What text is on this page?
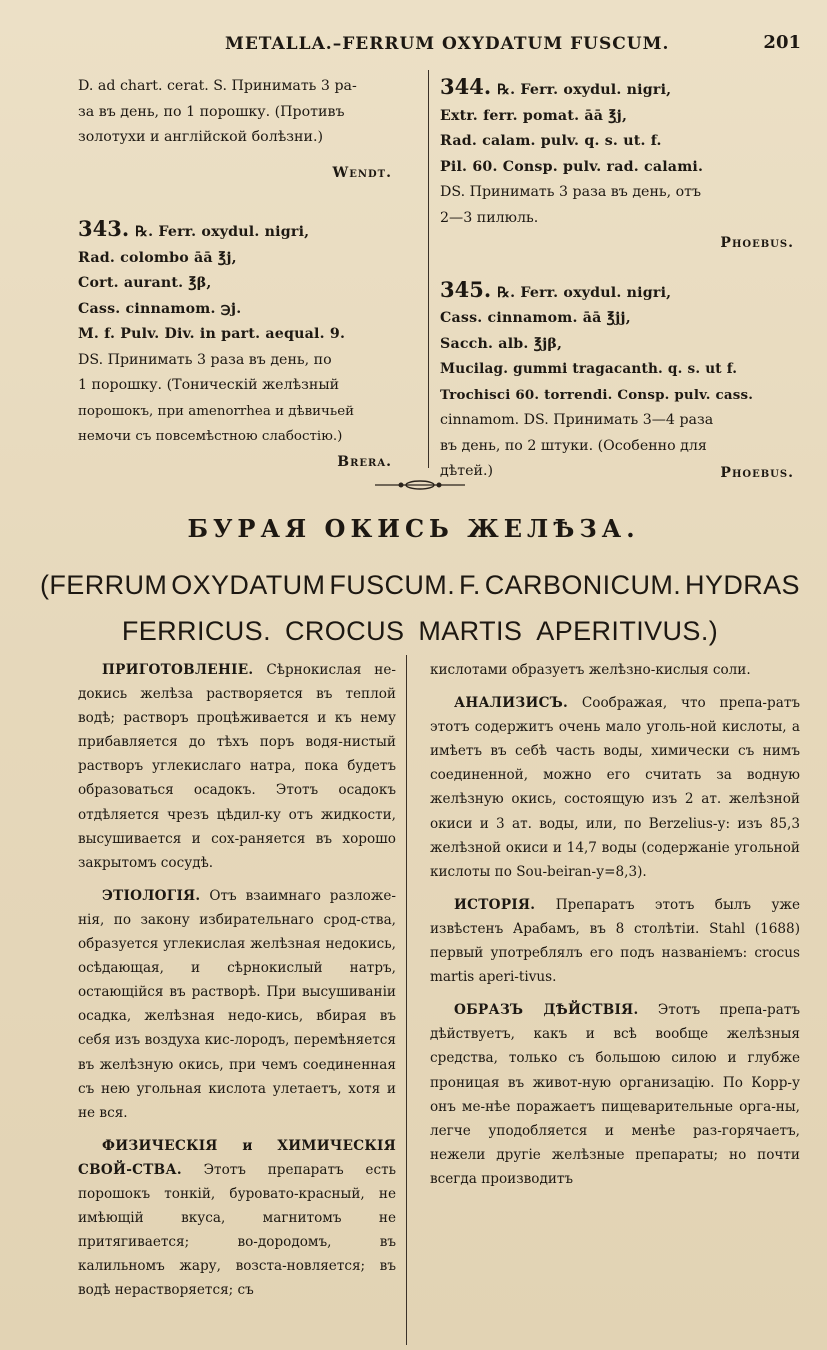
METALLA.–FERRUM OXYDATUM FUSCUM.	201
D. ad chart. cerat. S. Принимать 3 ра-
за въ день, по 1 порошку. (Противъ
золотухи и англійской болѣзни.)
Wendt.
343. ℞. Ferr. oxydul. nigri,
Rad. colombo āā ℥j,
Cort. aurant. ℥β,
Cass. cinnamom. ℈j.
M. f. Pulv. Div. in part. aequal. 9.
DS. Принимать 3 раза въ день, по
1 порошку. (Тоническій желѣзный
порошокъ, при amenorrhea и дѣвичьей
немочи съ повсемѣстною слабостію.)
Brera.
344. ℞. Ferr. oxydul. nigri,
Extr. ferr. pomat. āā ℥j,
Rad. calam. pulv. q. s. ut. f.
Pil. 60. Consp. pulv. rad. calami.
DS. Принимать 3 раза въ день, отъ
2—3 пилюль.
Phoebus.
345. ℞. Ferr. oxydul. nigri,
Cass. cinnamom. āā ℥jj,
Sacch. alb. ℥jβ,
Mucilag. gummi tragacanth. q. s. ut f.
Trochisci 60. torrendi. Consp. pulv. cass.
cinnamom. DS. Принимать 3—4 раза
въ день, по 2 штуки. (Особенно для
дѣтей.)	Phoebus.
БУРАЯ ОКИСЬ ЖЕЛѢЗА.
(FERRUM OXYDATUM FUSCUM. F. CARBONICUM. HYDRAS
FERRICUS. CROCUS MARTIS APERITIVUS.)

ПРИГОТОВЛЕНІЕ. Сѣрнокислая не-докись желѣза растворяется въ теплой водѣ; растворъ процѣживается и къ нему прибавляется до тѣхъ поръ водя-нистый растворъ углекислаго натра, пока будетъ образоваться осадокъ. Этотъ осадокъ отдѣляется чрезъ цѣдил-ку отъ жидкости, высушивается и сох-раняется въ хорошо закрытомъ сосудѣ.

ЭТІОЛОГІЯ. Отъ взаимнаго разложе-нія, по закону избирательнаго срод-ства, образуется углекислая желѣзная недокись, осѣдающая, и сѣрнокислый натръ, остающійся въ растворѣ. При высушиваніи осадка, желѣзная недо-кись, вбирая въ себя изъ воздуха кис-лородъ, перемѣняется въ желѣзную окись, при чемъ соединенная съ нею угольная кислота улетаетъ, хотя и не вся.

ФИЗИЧЕСКІЯ и ХИМИЧЕСКІЯ СВОЙ-СТВА. Этотъ препаратъ есть порошокъ тонкій, буровато-красный, не имѣющій вкуса, магнитомъ не притягивается; во-дородомъ, въ калильномъ жару, возста-новляется; въ водѣ нерастворяется; съ

кислотами образуетъ желѣзно-кислыя соли.

АНАЛИЗИСЪ. Соображая, что препа-ратъ этотъ содержитъ очень мало уголь-ной кислоты, а имѣетъ въ себѣ часть воды, химически съ нимъ соединенной, можно его считать за водную желѣзную окись, состоящую изъ 2 ат. желѣзной окиси и 3 ат. воды, или, по Berzelius-у: изъ 85,3 желѣзной окиси и 14,7 воды (содержаніе угольной кислоты по Sou-beiran-у=8,3).

ИСТОРІЯ. Препаратъ этотъ былъ уже извѣстенъ Арабамъ, въ 8 столѣтіи. Stahl (1688) первый употреблялъ его подъ названіемъ: crocus martis aperi-tivus.

ОБРАЗЪ ДѢЙСТВІЯ. Этотъ препа-ратъ дѣйствуетъ, какъ и всѣ вообще желѣзныя средства, только съ большою силою и глубже проницая въ живот-ную организацію. По Корр-у онъ ме-нѣе поражаетъ пищеварительные орга-ны, легче уподобляется и менѣе раз-горячаетъ, нежели другіе желѣзные препараты; но почти всегда производитъ
